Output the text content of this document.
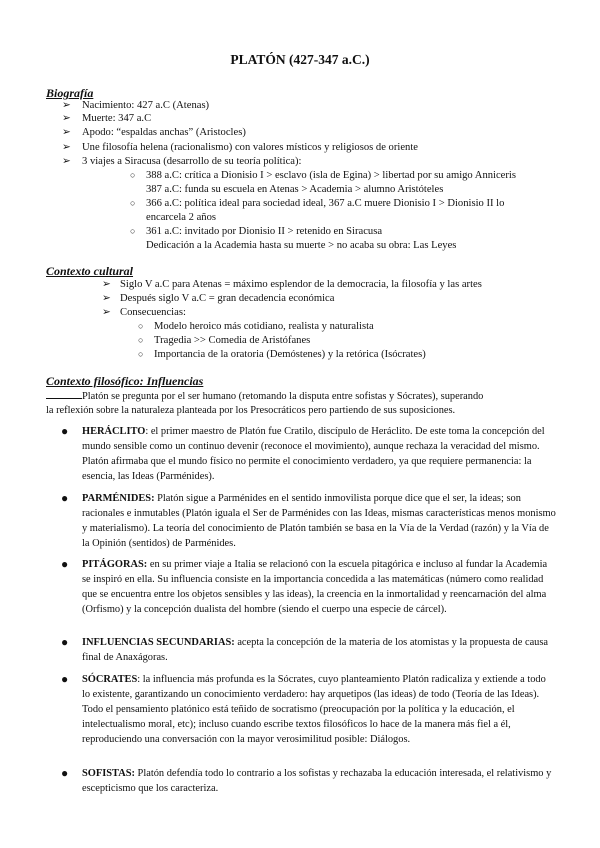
PLATÓN (427-347 a.C.)
Biografía
➢ Nacimiento: 427 a.C (Atenas)
➢ Muerte: 347 a.C
➢ Apodo: “espaldas anchas” (Aristocles)
➢ Une filosofía helena (racionalismo) con valores místicos y religiosos de oriente
➢ 3 viajes a Siracusa (desarrollo de su teoría política):
○ 388 a.C: crítica a Dionisio I > esclavo (isla de Egina) > libertad por su amigo Anniceris
387 a.C: funda su escuela en Atenas > Academia > alumno Aristóteles
○ 366 a.C: política ideal para sociedad ideal, 367 a.C muere Dionisio I > Dionisio II lo
encarcela 2 años
○ 361 a.C: invitado por Dionisio II > retenido en Siracusa
Dedicación a la Academia hasta su muerte > no acaba su obra: Las Leyes
Contexto cultural
➢ Siglo V a.C para Atenas = máximo esplendor de la democracia, la filosofía y las artes
➢ Después siglo V a.C = gran decadencia económica
➢ Consecuencias:
○ Modelo heroico más cotidiano, realista y naturalista
○ Tragedia >> Comedia de Aristófanes
○ Importancia de la oratoria (Demóstenes) y la retórica (Isócrates)
Contexto filosófico: Influencias
Platón se pregunta por el ser humano (retomando la disputa entre sofistas y Sócrates), superando
la reflexión sobre la naturaleza planteada por los Presocráticos pero partiendo de sus suposiciones.
● HERÁCLITO: el primer maestro de Platón fue Cratilo, discípulo de Heráclito. De este toma la concepción del mundo sensible como un continuo devenir (reconoce el movimiento), aunque rechaza la veracidad del mismo. Platón afirmaba que el mundo físico no permite el conocimiento verdadero, ya que requiere permanencia: la esencia, las Ideas (Parménides).
● PARMÉNIDES: Platón sigue a Parménides en el sentido inmovilista porque dice que el ser, la ideas; son racionales e inmutables (Platón iguala el Ser de Parménides con las Ideas, mismas características menos monismo y materialismo). La teoría del conocimiento de Platón también se basa en la Vía de la Verdad (razón) y la Vía de la Opinión (sentidos) de Parménides.
● PITÁGORAS: en su primer viaje a Italia se relacionó con la escuela pitagórica e incluso al fundar la Academia se inspiró en ella. Su influencia consiste en la importancia concedida a las matemáticas (número como realidad que se encuentra entre los objetos sensibles y las ideas), la creencia en la inmortalidad y reencarnación del alma (Orfismo) y la concepción dualista del hombre (siendo el cuerpo una especie de cárcel).
● INFLUENCIAS SECUNDARIAS: acepta la concepción de la materia de los atomistas y la propuesta de causa final de Anaxágoras.
● SÓCRATES: la influencia más profunda es la Sócrates, cuyo planteamiento Platón radicaliza y extiende a todo lo existente, garantizando un conocimiento verdadero: hay arquetipos (las ideas) de todo (Teoría de las Ideas). Todo el pensamiento platónico está teñido de socratismo (preocupación por la política y la educación, el intelectualismo moral, etc); incluso cuando escribe textos filosóficos lo hace de la manera más fiel a él, reproduciendo una conversación con la mayor verosimilitud posible: Diálogos.
● SOFISTAS: Platón defendía todo lo contrario a los sofistas y rechazaba la educación interesada, el relativismo y escepticismo que los caracteriza.
